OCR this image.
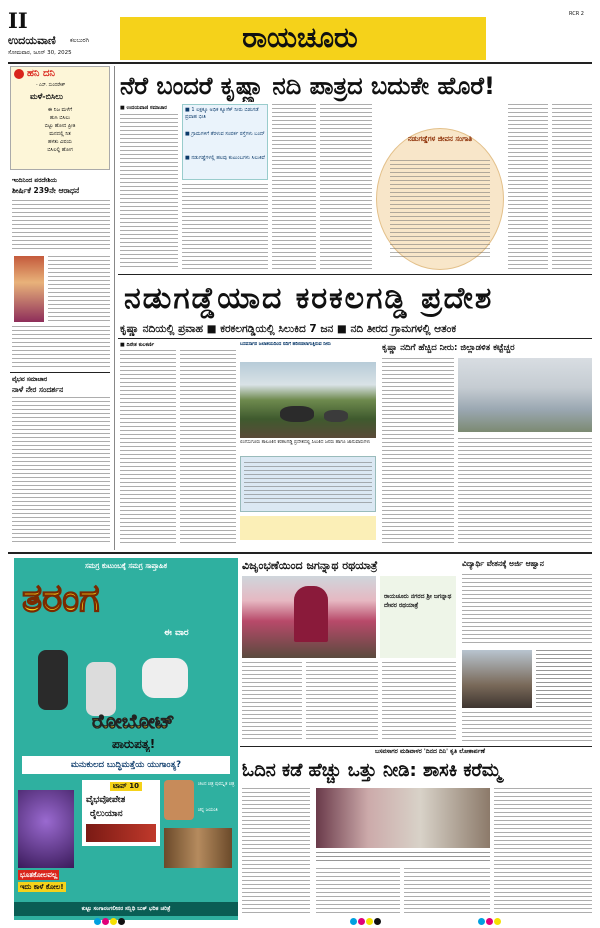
II
ಉದಯವಾಣಿ ಕಲಬುರಗಿ
ಸೋಮವಾರ, ಜೂನ್ 30, 2025	ರಾಯಚೂರು
RCR 2
ಹನಿ ದನಿ
- ಎಸ್. ಸುಂದರೇಶ್
ಮಳೆ-ಬಿಸಿಲು
ಈ ನಿಜ ಮಳೆಗೆ
ಹುಸಿ ಬಿಸಿಲು
ಬಿಟ್ಟು ಹೋದ ಪ್ರೀತಿ
ಮನದಲ್ಲಿ ನಿತ
ಹಳತು ವಿಷಯ
ಬಿಸಿಲಲ್ಲಿ ಹೋಗ
ಇಂದಿನಿಂದ ಪರದೇಶಿಯ
ಶೀರ್ಷಿಕೆ 239ನೇ ಆರಾಧನೆ
ವೈಭವ ಸಮಾಚಾರ
ನಾಳೆ ನೇರ ಸಂದರ್ಶನ
ನೆರೆ ಬಂದರೆ ಕೃಷ್ಣಾ ನದಿ ಪಾತ್ರದ ಬದುಕೇ ಹೊರೆ!
■ ಉದಯವಾಣಿ ಸಮಾಚಾರ	■ 1 ಲಕ್ಷಕ್ಕೂ ಅಧಿಕ ಕ್ಯೂಸೆಕ್ ನೀರು ಬಿಡುಗಡೆ ಪ್ರವಾಹ ಭೀತಿ
■ ಗ್ರಾಮಗಳಿಗೆ ತೆರಳುವ ಸಂಪರ್ಕ ರಸ್ತೆಗಳು ಬಂದ್
■ ನಡುಗಡ್ಡೆಗಳಲ್ಲಿ ಹಲವು ಕುಟುಂಬಗಳು ಸಿಲುಕಿವೆ
ನಡುಗಡ್ಡೆಗಳ ಜೀವನ ಸಂಗಾತಿ
ನಡುಗಡ್ಡೆಯಾದ ಕರಕಲಗಡ್ಡಿ ಪ್ರದೇಶ
ಕೃಷ್ಣಾ ನದಿಯಲ್ಲಿ ಪ್ರವಾಹ ■ ಕರಕಲಗಡ್ಡಿಯಲ್ಲಿ ಸಿಲುಕಿದ 7 ಜನ ■ ನದಿ ತೀರದ ಗ್ರಾಮಗಳಲ್ಲಿ ಆತಂಕ
■ ದಿನೇಶ ಕುಲಕರ್ಣಿ	ಬಸವಸಾಗರ ಜಲಾಶಯದಿಂದ ನದಿಗೆ ಹರಿಬಿಡಲಾಗುತ್ತಿರುವ ನೀರು
ಲಿಂಗಸುಗೂರು ತಾಲೂಕಿನ ಕರಕಲಗಡ್ಡಿ ಪ್ರದೇಶದಲ್ಲಿ ಸಿಲುಕಿದ ಜನರು ಹಾಗೂ ಜಾನುವಾರುಗಳು
ಕೃಷ್ಣಾ ನದಿಗೆ ಹೆಚ್ಚಿದ ನೀರು: ಜಿಲ್ಲಾಡಳಿತ ಕಟ್ಟೆಚ್ಚರ
ಸಮಗ್ರ ಕುಟುಂಬಕ್ಕೆ ಸಮಗ್ರ ಸಾಪ್ತಾಹಿಕ
ತರಂಗ
ಈ ವಾರ
ರೋಬೋಟ್
ಪಾರುಪತ್ಯ!
ಮನುಕುಲದ ಬುದ್ಧಿಮತ್ತೆಯ ಯುಗಾಂತ್ಯ?
ಟಾಪ್ 10
ವೈಭವೋಪೇತ
ರೈಲುಯಾನ
ಭೂತಕೋಲವಲ್ಲ
ಇದು ಕಾಳೆ ಕೋಲ!
ಚಲನ ಚಿತ್ರ ಪುರಸ್ಕೃತ ಚಿತ್ರ
ಚಿನ್ನ ಜಯಂತಿ
ಕುಟ್ಟು ಸಂಗಾರಂಗಲೀನರ ಸನ್ನಿಧಿ ಬುಕ್ ಭರಿತ ಚರಿತ್ರೆ
ವಿಜೃಂಭಣೆಯಿಂದ ಜಗನ್ನಾಥ ರಥಯಾತ್ರೆ
ರಾಯಚೂರು ನಗರದ ಶ್ರೀ ಜಗನ್ನಾಥ ದೇವರ ರಥಯಾತ್ರೆ
ವಿದ್ಯಾರ್ಥಿ ವೇತನಕ್ಕೆ ಅರ್ಜಿ ಆಹ್ವಾನ
ಬಸವಸಾಗರ ಮಡಿವಾಳರ 'ದಿನದ ದಿನಿ' ಕೃತಿ ಲೋಕಾರ್ಪಣೆ
ಓದಿನ ಕಡೆ ಹೆಚ್ಚು ಒತ್ತು ನೀಡಿ: ಶಾಸಕಿ ಕರೆಮ್ಮ
